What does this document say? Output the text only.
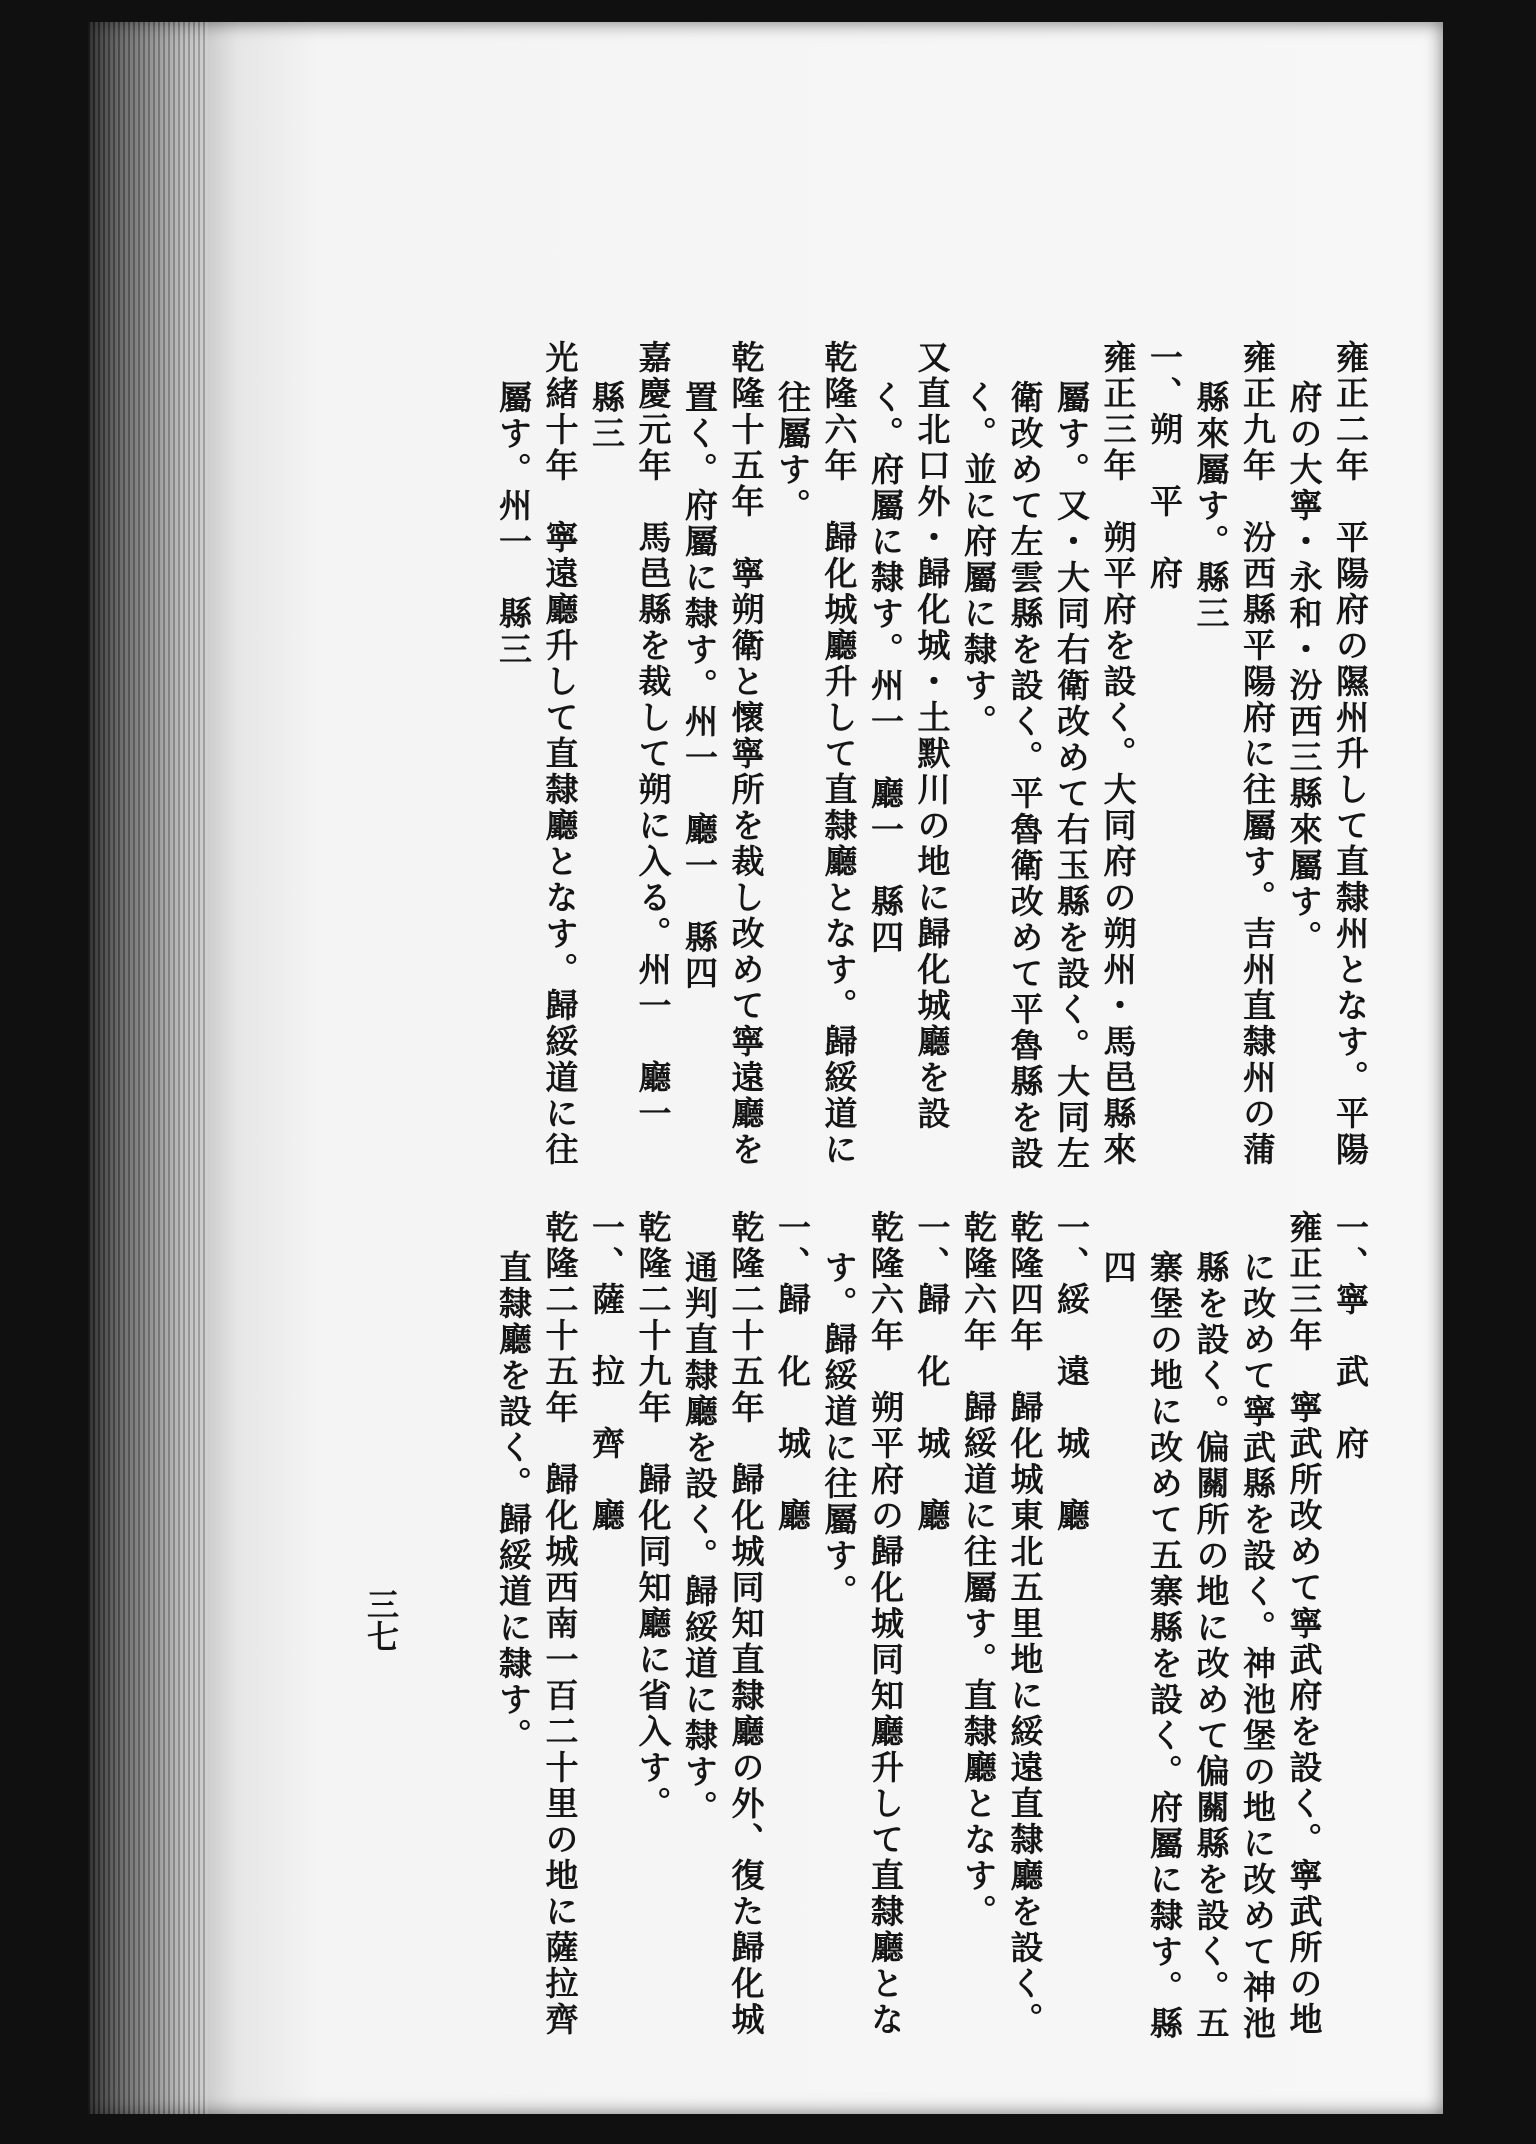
雍正二年　平陽府の隰州升して直隸州となす。平陽
府の大寧・永和・汾西三縣來屬す。
雍正九年　汾西縣平陽府に往屬す。吉州直隸州の蒲
縣來屬す。縣三
一、朔　平　府
雍正三年　朔平府を設く。大同府の朔州・馬邑縣來
屬す。又・大同右衛改めて右玉縣を設く。大同左
衛改めて左雲縣を設く。平魯衛改めて平魯縣を設
く。並に府屬に隸す。
又直北口外・歸化城・土默川の地に歸化城廳を設
く。府屬に隸す。州一　廳一　縣四
乾隆六年　歸化城廳升して直隸廳となす。歸綏道に
往屬す。
乾隆十五年　寧朔衛と懷寧所を裁し改めて寧遠廳を
置く。府屬に隸す。州一　廳一　縣四
嘉慶元年　馬邑縣を裁して朔に入る。州一　廳一
縣三
光緒十年　寧遠廳升して直隸廳となす。歸綏道に往
屬す。州一　縣三
一、寧　武　府
雍正三年　寧武所改めて寧武府を設く。寧武所の地
に改めて寧武縣を設く。神池堡の地に改めて神池
縣を設く。偏關所の地に改めて偏關縣を設く。五
寨堡の地に改めて五寨縣を設く。府屬に隸す。縣
四
一、綏　遠　城　廳
乾隆四年　歸化城東北五里地に綏遠直隸廳を設く。
乾隆六年　歸綏道に往屬す。直隸廳となす。
一、歸　化　城　廳
乾隆六年　朔平府の歸化城同知廳升して直隸廳とな
す。歸綏道に往屬す。
一、歸　化　城　廳
乾隆二十五年　歸化城同知直隸廳の外、復た歸化城
通判直隸廳を設く。歸綏道に隸す。
乾隆二十九年　歸化同知廳に省入す。
一、薩　拉　齊　廳
乾隆二十五年　歸化城西南一百二十里の地に薩拉齊
直隸廳を設く。歸綏道に隸す。
三七
